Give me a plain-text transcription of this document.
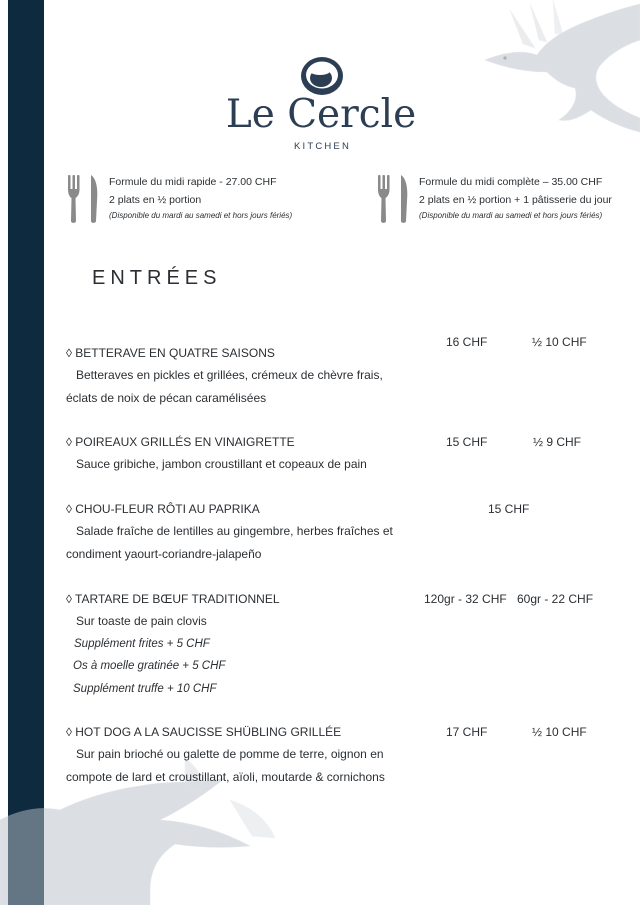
Le Cercle
KITCHEN
Formule du midi rapide - 27.00 CHF
2 plats en ½ portion
(Disponible du mardi au samedi et hors jours fériés)
Formule du midi complète – 35.00 CHF
2 plats en ½ portion + 1 pâtisserie du jour
(Disponible du mardi au samedi et hors jours fériés)
ENTRÉES
◊ BETTERAVE EN QUATRE SAISONS
Betteraves en pickles et grillées, crémeux de chèvre frais, éclats de noix de pécan caramélisées
16 CHF	½ 10 CHF
◊ POIREAUX GRILLÉS EN VINAIGRETTE
Sauce gribiche, jambon croustillant et copeaux de pain
15 CHF	½ 9 CHF
◊ CHOU-FLEUR RÔTI AU PAPRIKA
Salade fraîche de lentilles au gingembre, herbes fraîches et condiment yaourt-coriandre-jalapeño
15 CHF
◊ TARTARE DE BŒUF TRADITIONNEL
Sur toaste de pain clovis
Supplément frites + 5 CHF
Os à moelle gratinée + 5 CHF
Supplément truffe + 10 CHF
120gr - 32 CHF 60gr - 22 CHF
◊ HOT DOG A LA SAUCISSE SHÜBLING GRILLÉE
Sur pain brioché ou galette de pomme de terre, oignon en compote de lard et croustillant, aïoli, moutarde & cornichons
17 CHF	½ 10 CHF
